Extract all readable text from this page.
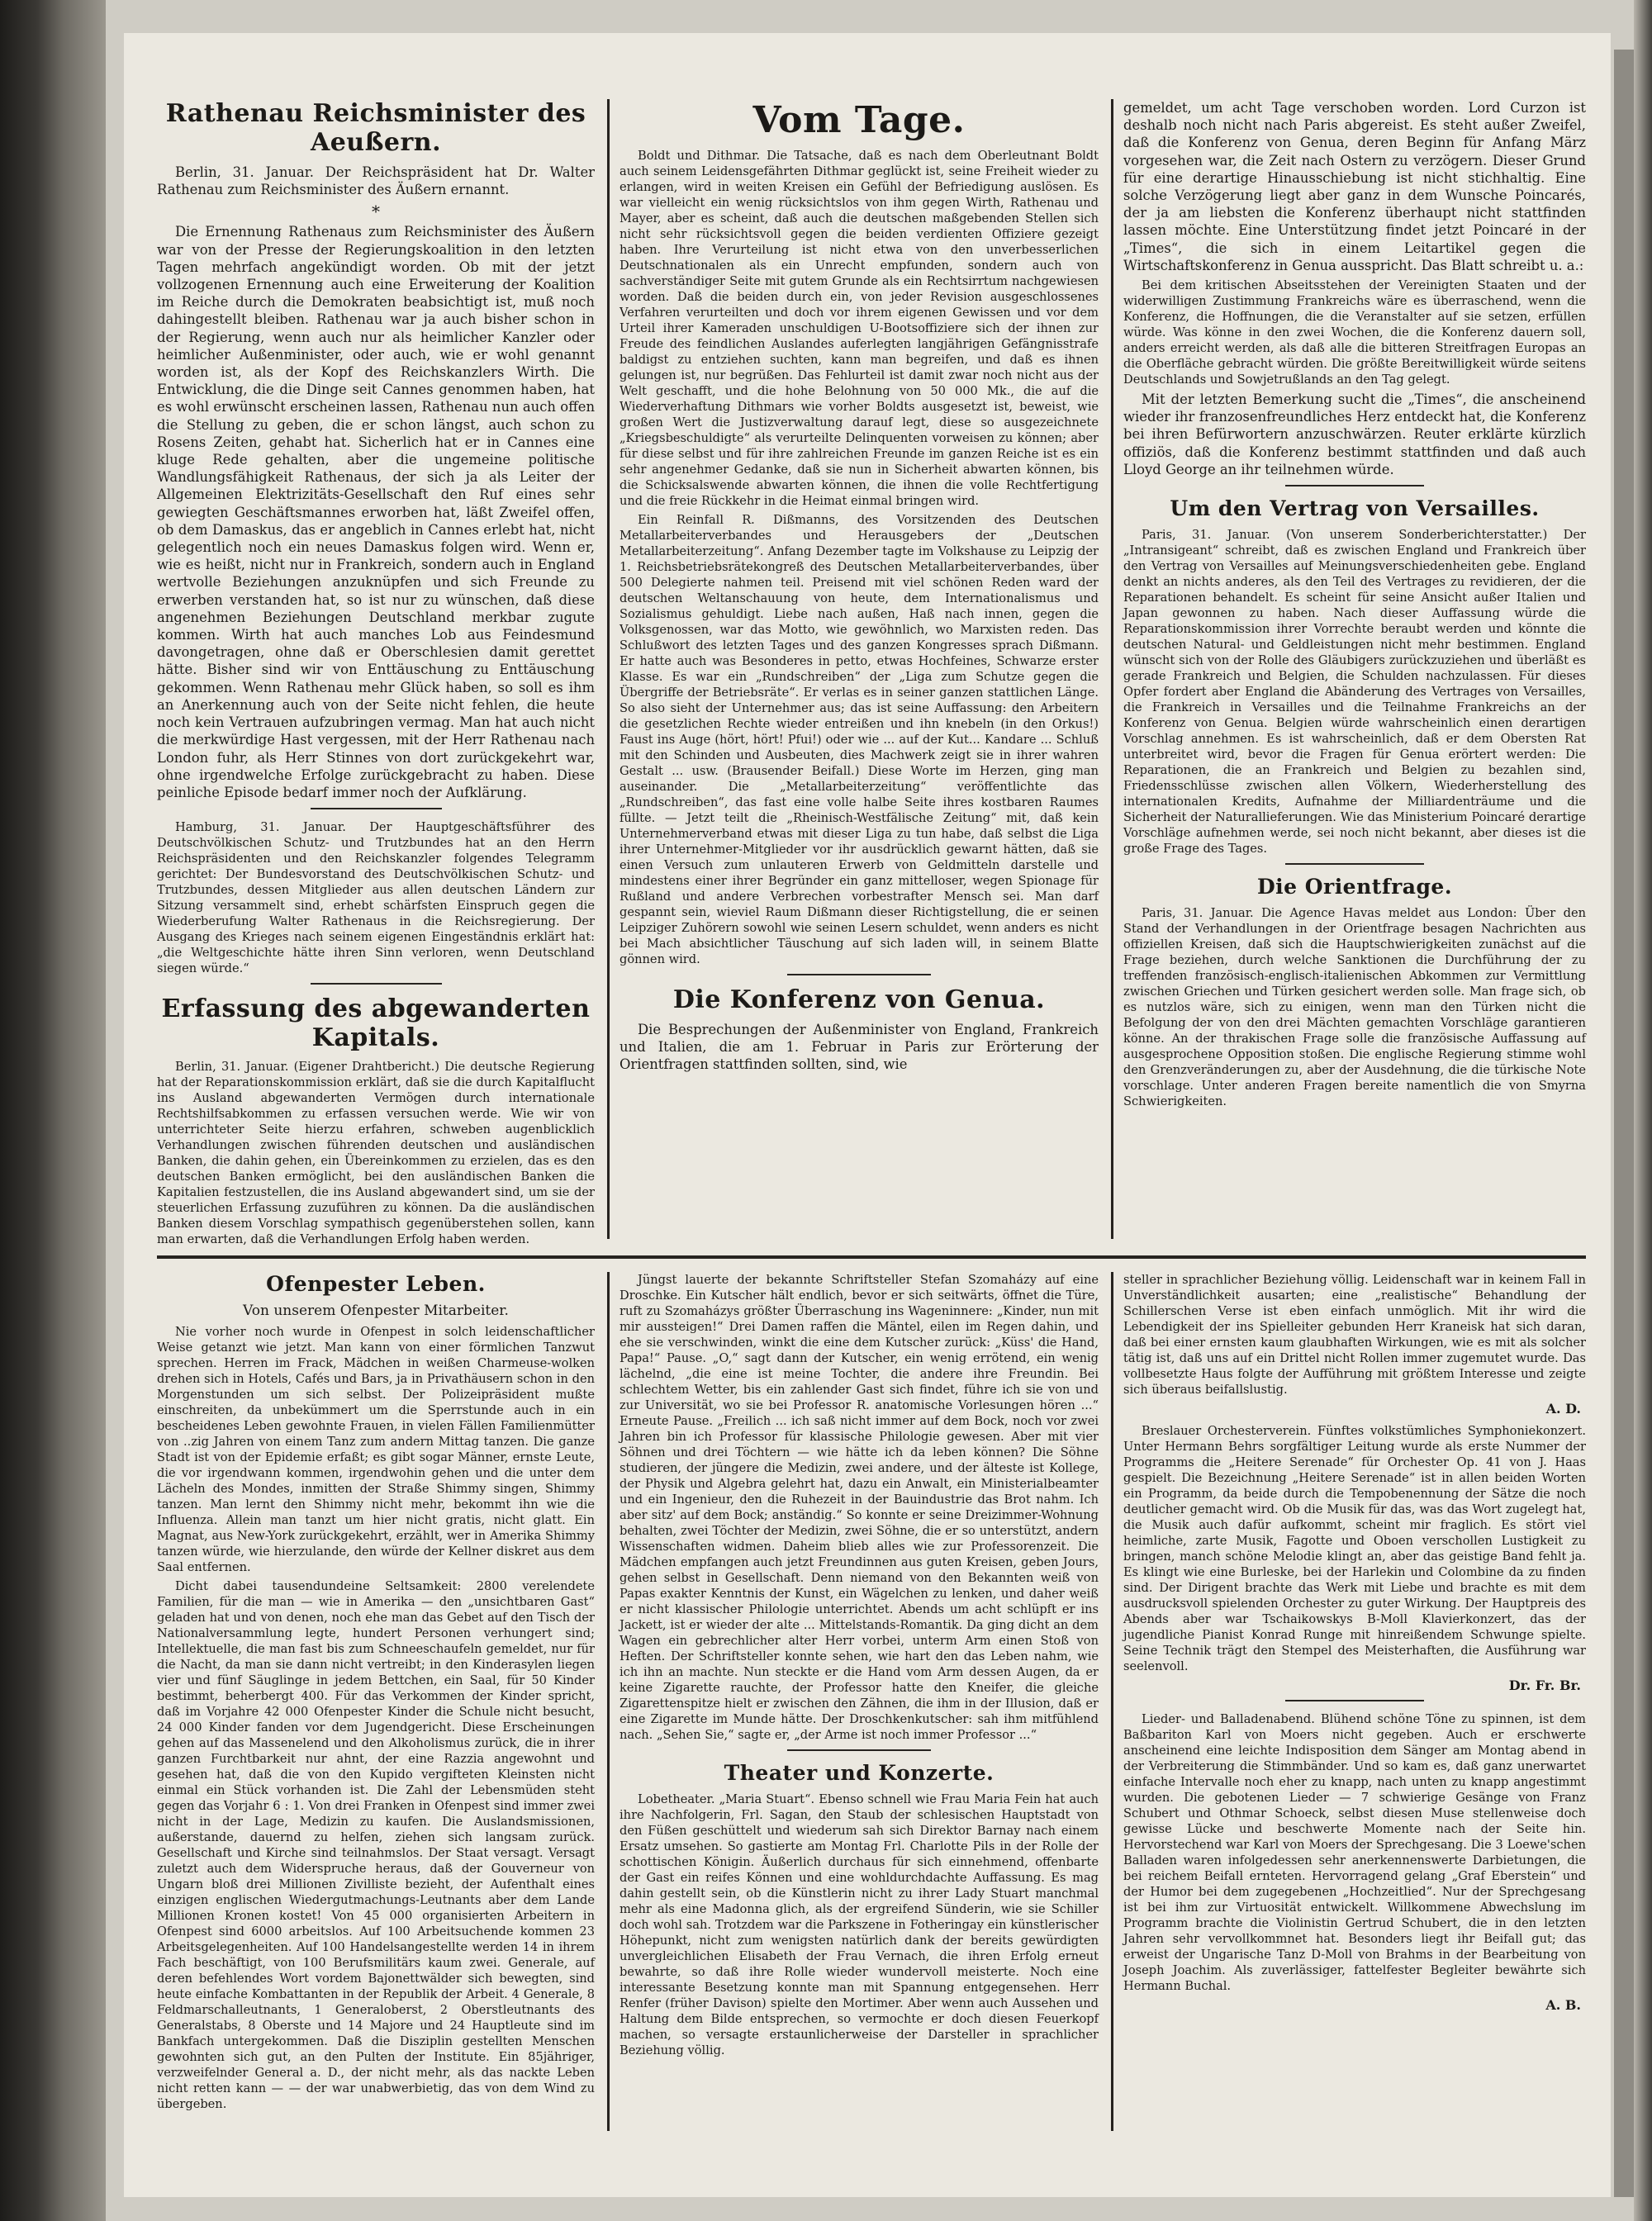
Rathenau Reichsminister des Aeußern.

Berlin, 31. Januar. Der Reichspräsident hat Dr. Walter Rathenau zum Reichsminister des Äußern ernannt.

*

Die Ernennung Rathenaus zum Reichsminister des Äußern war von der Presse der Regierungskoalition in den letzten Tagen mehrfach angekündigt worden. Ob mit der jetzt vollzogenen Ernennung auch eine Erweiterung der Koalition im Reiche durch die Demokraten beabsichtigt ist, muß noch dahingestellt bleiben. Rathenau war ja auch bisher schon in der Regierung, wenn auch nur als heimlicher Kanzler oder heimlicher Außenminister, oder auch, wie er wohl genannt worden ist, als der Kopf des Reichskanzlers Wirth. Die Entwicklung, die die Dinge seit Cannes genommen haben, hat es wohl erwünscht erscheinen lassen, Rathenau nun auch offen die Stellung zu geben, die er schon längst, auch schon zu Rosens Zeiten, gehabt hat. Sicherlich hat er in Cannes eine kluge Rede gehalten, aber die ungemeine politische Wandlungsfähigkeit Rathenaus, der sich ja als Leiter der Allgemeinen Elektrizitäts-Gesellschaft den Ruf eines sehr gewiegten Geschäftsmannes erworben hat, läßt Zweifel offen, ob dem Damaskus, das er angeblich in Cannes erlebt hat, nicht gelegentlich noch ein neues Damaskus folgen wird. Wenn er, wie es heißt, nicht nur in Frankreich, sondern auch in England wertvolle Beziehungen anzuknüpfen und sich Freunde zu erwerben verstanden hat, so ist nur zu wünschen, daß diese angenehmen Beziehungen Deutschland merkbar zugute kommen. Wirth hat auch manches Lob aus Feindesmund davongetragen, ohne daß er Oberschlesien damit gerettet hätte. Bisher sind wir von Enttäuschung zu Enttäuschung gekommen. Wenn Rathenau mehr Glück haben, so soll es ihm an Anerkennung auch von der Seite nicht fehlen, die heute noch kein Vertrauen aufzubringen vermag. Man hat auch nicht die merkwürdige Hast vergessen, mit der Herr Rathenau nach London fuhr, als Herr Stinnes von dort zurückgekehrt war, ohne irgendwelche Erfolge zurückgebracht zu haben. Diese peinliche Episode bedarf immer noch der Aufklärung.

Hamburg, 31. Januar. Der Hauptgeschäftsführer des Deutschvölkischen Schutz- und Trutzbundes hat an den Herrn Reichspräsidenten und den Reichskanzler folgendes Telegramm gerichtet: Der Bundesvorstand des Deutschvölkischen Schutz- und Trutzbundes, dessen Mitglieder aus allen deutschen Ländern zur Sitzung versammelt sind, erhebt schärfsten Einspruch gegen die Wiederberufung Walter Rathenaus in die Reichsregierung. Der Ausgang des Krieges nach seinem eigenen Eingeständnis erklärt hat: „die Weltgeschichte hätte ihren Sinn verloren, wenn Deutschland siegen würde.“

Erfassung des abgewanderten Kapitals.

Berlin, 31. Januar. (Eigener Drahtbericht.) Die deutsche Regierung hat der Reparationskommission erklärt, daß sie die durch Kapitalflucht ins Ausland abgewanderten Vermögen durch internationale Rechtshilfsabkommen zu erfassen versuchen werde. Wie wir von unterrichteter Seite hierzu erfahren, schweben augenblicklich Verhandlungen zwischen führenden deutschen und ausländischen Banken, die dahin gehen, ein Übereinkommen zu erzielen, das es den deutschen Banken ermöglicht, bei den ausländischen Banken die Kapitalien festzustellen, die ins Ausland abgewandert sind, um sie der steuerlichen Erfassung zuzuführen zu können. Da die ausländischen Banken diesem Vorschlag sympathisch gegenüberstehen sollen, kann man erwarten, daß die Verhandlungen Erfolg haben werden.

Vom Tage.

Boldt und Dithmar. Die Tatsache, daß es nach dem Oberleutnant Boldt auch seinem Leidensgefährten Dithmar geglückt ist, seine Freiheit wieder zu erlangen, wird in weiten Kreisen ein Gefühl der Befriedigung auslösen. Es war vielleicht ein wenig rücksichtslos von ihm gegen Wirth, Rathenau und Mayer, aber es scheint, daß auch die deutschen maßgebenden Stellen sich nicht sehr rücksichtsvoll gegen die beiden verdienten Offiziere gezeigt haben. Ihre Verurteilung ist nicht etwa von den unverbesserlichen Deutschnationalen als ein Unrecht empfunden, sondern auch von sachverständiger Seite mit gutem Grunde als ein Rechtsirrtum nachgewiesen worden. Daß die beiden durch ein, von jeder Revision ausgeschlossenes Verfahren verurteilten und doch vor ihrem eigenen Gewissen und vor dem Urteil ihrer Kameraden unschuldigen U-Bootsoffiziere sich der ihnen zur Freude des feindlichen Auslandes auferlegten langjährigen Gefängnisstrafe baldigst zu entziehen suchten, kann man begreifen, und daß es ihnen gelungen ist, nur begrüßen. Das Fehlurteil ist damit zwar noch nicht aus der Welt geschafft, und die hohe Belohnung von 50 000 Mk., die auf die Wiederverhaftung Dithmars wie vorher Boldts ausgesetzt ist, beweist, wie großen Wert die Justizverwaltung darauf legt, diese so ausgezeichnete „Kriegsbeschuldigte“ als verurteilte Delinquenten vorweisen zu können; aber für diese selbst und für ihre zahlreichen Freunde im ganzen Reiche ist es ein sehr angenehmer Gedanke, daß sie nun in Sicherheit abwarten können, bis die Schicksalswende abwarten können, die ihnen die volle Rechtfertigung und die freie Rückkehr in die Heimat einmal bringen wird.

Ein Reinfall R. Dißmanns, des Vorsitzenden des Deutschen Metallarbeiterverbandes und Herausgebers der „Deutschen Metallarbeiterzeitung“. Anfang Dezember tagte im Volkshause zu Leipzig der 1. Reichsbetriebsrätekongreß des Deutschen Metallarbeiterverbandes, über 500 Delegierte nahmen teil. Preisend mit viel schönen Reden ward der deutschen Weltanschauung von heute, dem Internationalismus und Sozialismus gehuldigt. Liebe nach außen, Haß nach innen, gegen die Volksgenossen, war das Motto, wie gewöhnlich, wo Marxisten reden. Das Schlußwort des letzten Tages und des ganzen Kongresses sprach Dißmann. Er hatte auch was Besonderes in petto, etwas Hochfeines, Schwarze erster Klasse. Es war ein „Rundschreiben“ der „Liga zum Schutze gegen die Übergriffe der Betriebsräte“. Er verlas es in seiner ganzen stattlichen Länge. So also sieht der Unternehmer aus; das ist seine Auffassung: den Arbeitern die gesetzlichen Rechte wieder entreißen und ihn knebeln (in den Orkus!) Faust ins Auge (hört, hört! Pfui!) oder wie ... auf der Kut... Kandare ... Schluß mit den Schinden und Ausbeuten, dies Machwerk zeigt sie in ihrer wahren Gestalt ... usw. (Brausender Beifall.) Diese Worte im Herzen, ging man auseinander. Die „Metallarbeiterzeitung“ veröffentlichte das „Rundschreiben“, das fast eine volle halbe Seite ihres kostbaren Raumes füllte. — Jetzt teilt die „Rheinisch-Westfälische Zeitung“ mit, daß kein Unternehmerverband etwas mit dieser Liga zu tun habe, daß selbst die Liga ihrer Unternehmer-Mitglieder vor ihr ausdrücklich gewarnt hätten, daß sie einen Versuch zum unlauteren Erwerb von Geldmitteln darstelle und mindestens einer ihrer Begründer ein ganz mittelloser, wegen Spionage für Rußland und andere Verbrechen vorbestrafter Mensch sei. Man darf gespannt sein, wieviel Raum Dißmann dieser Richtigstellung, die er seinen Leipziger Zuhörern sowohl wie seinen Lesern schuldet, wenn anders es nicht bei Mach absichtlicher Täuschung auf sich laden will, in seinem Blatte gönnen wird.

Die Konferenz von Genua.

Die Besprechungen der Außenminister von England, Frankreich und Italien, die am 1. Februar in Paris zur Erörterung der Orientfragen stattfinden sollten, sind, wie

gemeldet, um acht Tage verschoben worden. Lord Curzon ist deshalb noch nicht nach Paris abgereist. Es steht außer Zweifel, daß die Konferenz von Genua, deren Beginn für Anfang März vorgesehen war, die Zeit nach Ostern zu verzögern. Dieser Grund für eine derartige Hinausschiebung ist nicht stichhaltig. Eine solche Verzögerung liegt aber ganz in dem Wunsche Poincarés, der ja am liebsten die Konferenz überhaupt nicht stattfinden lassen möchte. Eine Unterstützung findet jetzt Poincaré in der „Times“, die sich in einem Leitartikel gegen die Wirtschaftskonferenz in Genua ausspricht. Das Blatt schreibt u. a.:

Bei dem kritischen Abseitsstehen der Vereinigten Staaten und der widerwilligen Zustimmung Frankreichs wäre es überraschend, wenn die Konferenz, die Hoffnungen, die die Veranstalter auf sie setzen, erfüllen würde. Was könne in den zwei Wochen, die die Konferenz dauern soll, anders erreicht werden, als daß alle die bitteren Streitfragen Europas an die Oberfläche gebracht würden. Die größte Bereitwilligkeit würde seitens Deutschlands und Sowjetrußlands an den Tag gelegt.

Mit der letzten Bemerkung sucht die „Times“, die anscheinend wieder ihr franzosenfreundliches Herz entdeckt hat, die Konferenz bei ihren Befürwortern anzuschwärzen. Reuter erklärte kürzlich offiziös, daß die Konferenz bestimmt stattfinden und daß auch Lloyd George an ihr teilnehmen würde.

Um den Vertrag von Versailles.

Paris, 31. Januar. (Von unserem Sonderberichterstatter.) Der „Intransigeant“ schreibt, daß es zwischen England und Frankreich über den Vertrag von Versailles auf Meinungsverschiedenheiten gebe. England denkt an nichts anderes, als den Teil des Vertrages zu revidieren, der die Reparationen behandelt. Es scheint für seine Ansicht außer Italien und Japan gewonnen zu haben. Nach dieser Auffassung würde die Reparationskommission ihrer Vorrechte beraubt werden und könnte die deutschen Natural- und Geldleistungen nicht mehr bestimmen. England wünscht sich von der Rolle des Gläubigers zurückzuziehen und überläßt es gerade Frankreich und Belgien, die Schulden nachzulassen. Für dieses Opfer fordert aber England die Abänderung des Vertrages von Versailles, die Frankreich in Versailles und die Teilnahme Frankreichs an der Konferenz von Genua. Belgien würde wahrscheinlich einen derartigen Vorschlag annehmen. Es ist wahrscheinlich, daß er dem Obersten Rat unterbreitet wird, bevor die Fragen für Genua erörtert werden: Die Reparationen, die an Frankreich und Belgien zu bezahlen sind, Friedensschlüsse zwischen allen Völkern, Wiederherstellung des internationalen Kredits, Aufnahme der Milliardenträume und die Sicherheit der Naturallieferungen. Wie das Ministerium Poincaré derartige Vorschläge aufnehmen werde, sei noch nicht bekannt, aber dieses ist die große Frage des Tages.

Die Orientfrage.

Paris, 31. Januar. Die Agence Havas meldet aus London: Über den Stand der Verhandlungen in der Orientfrage besagen Nachrichten aus offiziellen Kreisen, daß sich die Hauptschwierigkeiten zunächst auf die Frage beziehen, durch welche Sanktionen die Durchführung der zu treffenden französisch-englisch-italienischen Abkommen zur Vermittlung zwischen Griechen und Türken gesichert werden solle. Man frage sich, ob es nutzlos wäre, sich zu einigen, wenn man den Türken nicht die Befolgung der von den drei Mächten gemachten Vorschläge garantieren könne. An der thrakischen Frage solle die französische Auffassung auf ausgesprochene Opposition stoßen. Die englische Regierung stimme wohl den Grenzveränderungen zu, aber der Ausdehnung, die die türkische Note vorschlage. Unter anderen Fragen bereite namentlich die von Smyrna Schwierigkeiten.

Ofenpester Leben.
Von unserem Ofenpester Mitarbeiter.

Nie vorher noch wurde in Ofenpest in solch leidenschaftlicher Weise getanzt wie jetzt. Man kann von einer förmlichen Tanzwut sprechen. Herren im Frack, Mädchen in weißen Charmeuse-wolken drehen sich in Hotels, Cafés und Bars, ja in Privathäusern schon in den Morgenstunden um sich selbst. Der Polizeipräsident mußte einschreiten, da unbekümmert um die Sperrstunde auch in ein bescheidenes Leben gewohnte Frauen, in vielen Fällen Familienmütter von ..zig Jahren von einem Tanz zum andern Mittag tanzen. Die ganze Stadt ist von der Epidemie erfaßt; es gibt sogar Männer, ernste Leute, die vor irgendwann kommen, irgendwohin gehen und die unter dem Lächeln des Mondes, inmitten der Straße Shimmy singen, Shimmy tanzen. Man lernt den Shimmy nicht mehr, bekommt ihn wie die Influenza. Allein man tanzt um hier nicht gratis, nicht glatt. Ein Magnat, aus New-York zurückgekehrt, erzählt, wer in Amerika Shimmy tanzen würde, wie hierzulande, den würde der Kellner diskret aus dem Saal entfernen.

Dicht dabei tausendundeine Seltsamkeit: 2800 verelendete Familien, für die man — wie in Amerika — den „unsichtbaren Gast“ geladen hat und von denen, noch ehe man das Gebet auf den Tisch der Nationalversammlung legte, hundert Personen verhungert sind; Intellektuelle, die man fast bis zum Schneeschaufeln gemeldet, nur für die Nacht, da man sie dann nicht vertreibt; in den Kinderasylen liegen vier und fünf Säuglinge in jedem Bettchen, ein Saal, für 50 Kinder bestimmt, beherbergt 400. Für das Verkommen der Kinder spricht, daß im Vorjahre 42 000 Ofenpester Kinder die Schule nicht besucht, 24 000 Kinder fanden vor dem Jugendgericht. Diese Erscheinungen gehen auf das Massenelend und den Alkoholismus zurück, die in ihrer ganzen Furchtbarkeit nur ahnt, der eine Razzia angewohnt und gesehen hat, daß die von den Kupido vergifteten Kleinsten nicht einmal ein Stück vorhanden ist. Die Zahl der Lebensmüden steht gegen das Vorjahr 6 : 1. Von drei Franken in Ofenpest sind immer zwei nicht in der Lage, Medizin zu kaufen. Die Auslandsmissionen, außerstande, dauernd zu helfen, ziehen sich langsam zurück. Gesellschaft und Kirche sind teilnahmslos. Der Staat versagt. Versagt zuletzt auch dem Widerspruche heraus, daß der Gouverneur von Ungarn bloß drei Millionen Zivilliste bezieht, der Aufenthalt eines einzigen englischen Wiedergutmachungs-Leutnants aber dem Lande Millionen Kronen kostet! Von 45 000 organisierten Arbeitern in Ofenpest sind 6000 arbeitslos. Auf 100 Arbeitsuchende kommen 23 Arbeitsgelegenheiten. Auf 100 Handelsangestellte werden 14 in ihrem Fach beschäftigt, von 100 Berufsmilitärs kaum zwei. Generale, auf deren befehlendes Wort vordem Bajonettwälder sich bewegten, sind heute einfache Kombattanten in der Republik der Arbeit. 4 Generale, 8 Feldmarschalleutnants, 1 Generaloberst, 2 Oberstleutnants des Generalstabs, 8 Oberste und 14 Majore und 24 Hauptleute sind im Bankfach untergekommen. Daß die Disziplin gestellten Menschen gewohnten sich gut, an den Pulten der Institute. Ein 85jähriger, verzweifelnder General a. D., der nicht mehr, als das nackte Leben nicht retten kann — — der war unabwerbietig, das von dem Wind zu übergeben.

Jüngst lauerte der bekannte Schriftsteller Stefan Szomaházy auf eine Droschke. Ein Kutscher hält endlich, bevor er sich seitwärts, öffnet die Türe, ruft zu Szomaházys größter Überraschung ins Wageninnere: „Kinder, nun mit mir aussteigen!“ Drei Damen raffen die Mäntel, eilen im Regen dahin, und ehe sie verschwinden, winkt die eine dem Kutscher zurück: „Küss' die Hand, Papa!“ Pause. „O,“ sagt dann der Kutscher, ein wenig errötend, ein wenig lächelnd, „die eine ist meine Tochter, die andere ihre Freundin. Bei schlechtem Wetter, bis ein zahlender Gast sich findet, führe ich sie von und zur Universität, wo sie bei Professor R. anatomische Vorlesungen hören ...“ Erneute Pause. „Freilich ... ich saß nicht immer auf dem Bock, noch vor zwei Jahren bin ich Professor für klassische Philologie gewesen. Aber mit vier Söhnen und drei Töchtern — wie hätte ich da leben können? Die Söhne studieren, der jüngere die Medizin, zwei andere, und der älteste ist Kollege, der Physik und Algebra gelehrt hat, dazu ein Anwalt, ein Ministerialbeamter und ein Ingenieur, den die Ruhezeit in der Bauindustrie das Brot nahm. Ich aber sitz' auf dem Bock; anständig.“ So konnte er seine Dreizimmer-Wohnung behalten, zwei Töchter der Medizin, zwei Söhne, die er so unterstützt, andern Wissenschaften widmen. Daheim blieb alles wie zur Professorenzeit. Die Mädchen empfangen auch jetzt Freundinnen aus guten Kreisen, geben Jours, gehen selbst in Gesellschaft. Denn niemand von den Bekannten weiß von Papas exakter Kenntnis der Kunst, ein Wägelchen zu lenken, und daher weiß er nicht klassischer Philologie unterrichtet. Abends um acht schlüpft er ins Jackett, ist er wieder der alte ... Mittelstands-Romantik. Da ging dicht an dem Wagen ein gebrechlicher alter Herr vorbei, unterm Arm einen Stoß von Heften. Der Schriftsteller konnte sehen, wie hart den das Leben nahm, wie ich ihn an machte. Nun steckte er die Hand vom Arm dessen Augen, da er keine Zigarette rauchte, der Professor hatte den Kneifer, die gleiche Zigarettenspitze hielt er zwischen den Zähnen, die ihm in der Illusion, daß er eine Zigarette im Munde hätte. Der Droschkenkutscher: sah ihm mitfühlend nach. „Sehen Sie,“ sagte er, „der Arme ist noch immer Professor ...“

Theater und Konzerte.

Lobetheater. „Maria Stuart“. Ebenso schnell wie Frau Maria Fein hat auch ihre Nachfolgerin, Frl. Sagan, den Staub der schlesischen Hauptstadt von den Füßen geschüttelt und wiederum sah sich Direktor Barnay nach einem Ersatz umsehen. So gastierte am Montag Frl. Charlotte Pils in der Rolle der schottischen Königin. Äußerlich durchaus für sich einnehmend, offenbarte der Gast ein reifes Können und eine wohldurchdachte Auffassung. Es mag dahin gestellt sein, ob die Künstlerin nicht zu ihrer Lady Stuart manchmal mehr als eine Madonna glich, als der ergreifend Sünderin, wie sie Schiller doch wohl sah. Trotzdem war die Parkszene in Fotheringay ein künstlerischer Höhepunkt, nicht zum wenigsten natürlich dank der bereits gewürdigten unvergleichlichen Elisabeth der Frau Vernach, die ihren Erfolg erneut bewahrte, so daß ihre Rolle wieder wundervoll meisterte. Noch eine interessante Besetzung konnte man mit Spannung entgegensehen. Herr Renfer (früher Davison) spielte den Mortimer. Aber wenn auch Aussehen und Haltung dem Bilde entsprechen, so vermochte er doch diesen Feuerkopf machen, so versagte erstaunlicherweise der Darsteller in sprachlicher Beziehung völlig.

steller in sprachlicher Beziehung völlig. Leidenschaft war in keinem Fall in Unverständlichkeit ausarten; eine „realistische“ Behandlung der Schillerschen Verse ist eben einfach unmöglich. Mit ihr wird die Lebendigkeit der ins Spielleiter gebunden Herr Kraneisk hat sich daran, daß bei einer ernsten kaum glaubhaften Wirkungen, wie es mit als solcher tätig ist, daß uns auf ein Drittel nicht Rollen immer zugemutet wurde. Das vollbesetzte Haus folgte der Aufführung mit größtem Interesse und zeigte sich überaus beifallslustig.

A. D.

Breslauer Orchesterverein. Fünftes volkstümliches Symphoniekonzert. Unter Hermann Behrs sorgfältiger Leitung wurde als erste Nummer der Programms die „Heitere Serenade“ für Orchester Op. 41 von J. Haas gespielt. Die Bezeichnung „Heitere Serenade“ ist in allen beiden Worten ein Programm, da beide durch die Tempobenennung der Sätze die noch deutlicher gemacht wird. Ob die Musik für das, was das Wort zugelegt hat, die Musik auch dafür aufkommt, scheint mir fraglich. Es stört viel heimliche, zarte Musik, Fagotte und Oboen verschollen Lustigkeit zu bringen, manch schöne Melodie klingt an, aber das geistige Band fehlt ja. Es klingt wie eine Burleske, bei der Harlekin und Colombine da zu finden sind. Der Dirigent brachte das Werk mit Liebe und brachte es mit dem ausdrucksvoll spielenden Orchester zu guter Wirkung. Der Hauptpreis des Abends aber war Tschaikowskys B-Moll Klavierkonzert, das der jugendliche Pianist Konrad Runge mit hinreißendem Schwunge spielte. Seine Technik trägt den Stempel des Meisterhaften, die Ausführung war seelenvoll.

Dr. Fr. Br.

Lieder- und Balladenabend. Blühend schöne Töne zu spinnen, ist dem Baßbariton Karl von Moers nicht gegeben. Auch er erschwerte anscheinend eine leichte Indisposition dem Sänger am Montag abend in der Verbreiterung die Stimmbänder. Und so kam es, daß ganz unerwartet einfache Intervalle noch eher zu knapp, nach unten zu knapp angestimmt wurden. Die gebotenen Lieder — 7 schwierige Gesänge von Franz Schubert und Othmar Schoeck, selbst diesen Muse stellenweise doch gewisse Lücke und beschwerte Momente nach der Seite hin. Hervorstechend war Karl von Moers der Sprechgesang. Die 3 Loewe'schen Balladen waren infolgedessen sehr anerkennenswerte Darbietungen, die bei reichem Beifall ernteten. Hervorragend gelang „Graf Eberstein“ und der Humor bei dem zugegebenen „Hochzeitlied“. Nur der Sprechgesang ist bei ihm zur Virtuosität entwickelt. Willkommene Abwechslung im Programm brachte die Violinistin Gertrud Schubert, die in den letzten Jahren sehr vervollkommnet hat. Besonders liegt ihr Beifall gut; das erweist der Ungarische Tanz D-Moll von Brahms in der Bearbeitung von Joseph Joachim. Als zuverlässiger, fattelfester Begleiter bewährte sich Hermann Buchal.

A. B.
